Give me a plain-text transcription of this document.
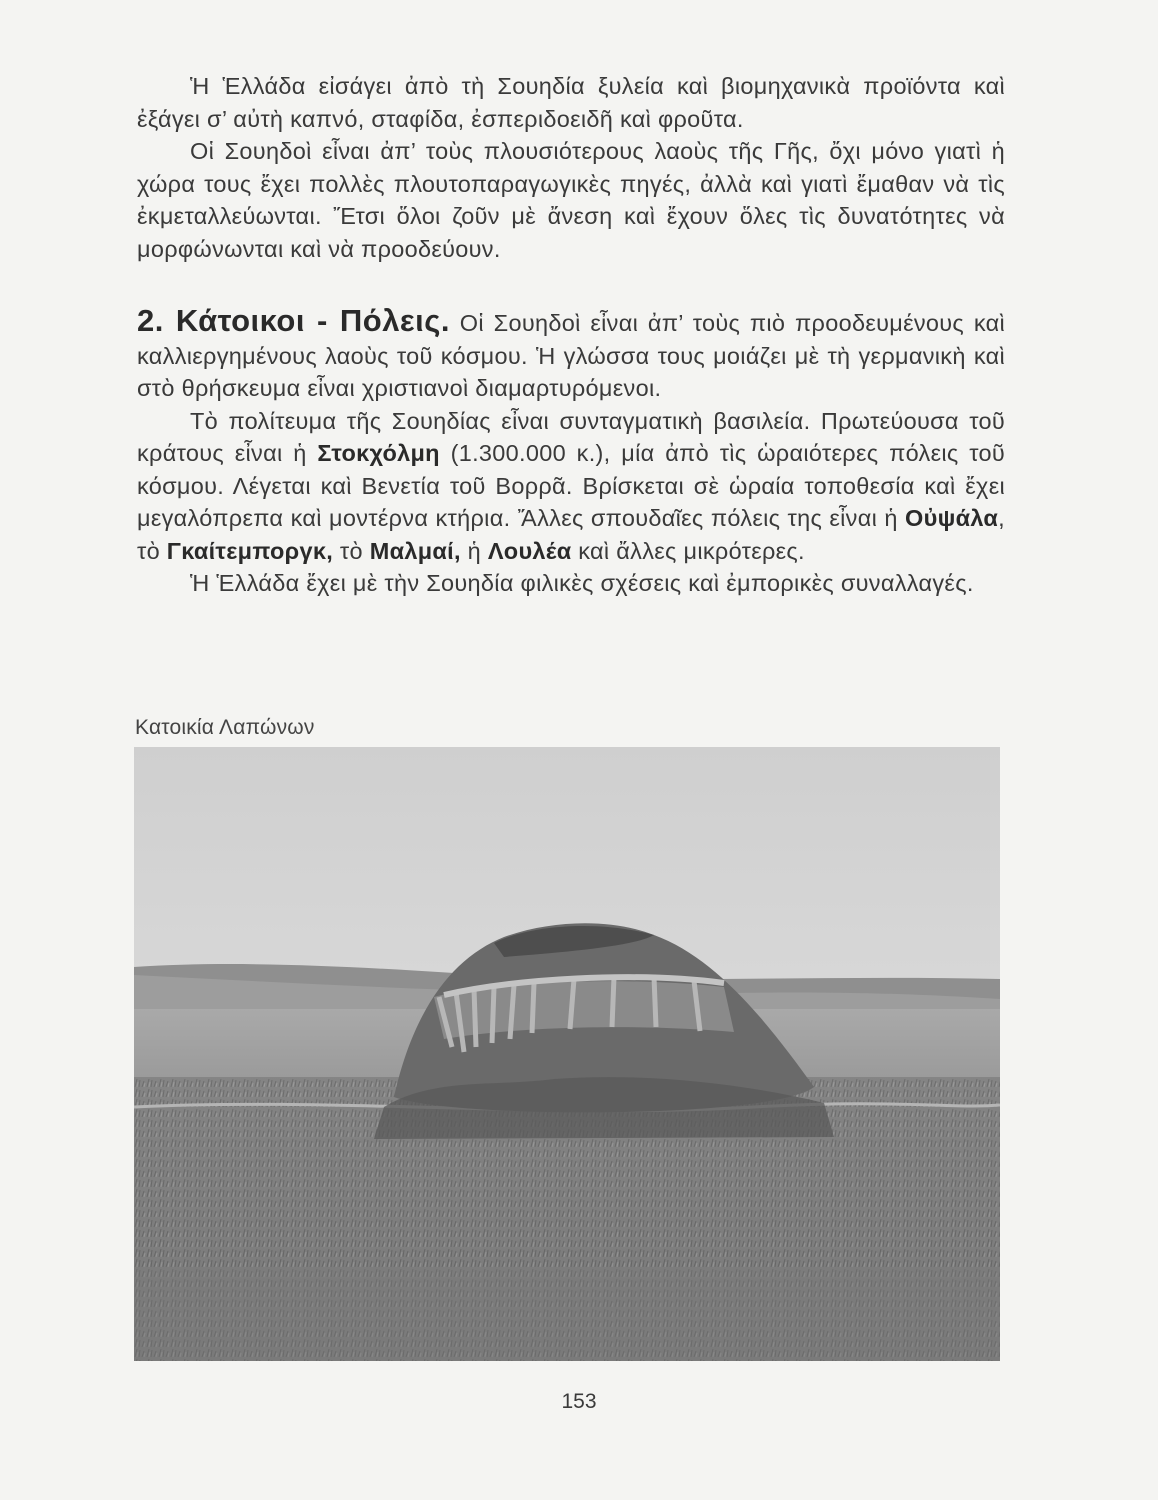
Ἡ Ἑλλάδα εἰσάγει ἀπὸ τὴ Σουηδία ξυλεία καὶ βιομηχανικὰ προϊόντα καὶ ἐξάγει σ’ αὐτὴ καπνό, σταφίδα, ἐσπεριδοειδῆ καὶ φροῦτα.

Οἱ Σουηδοὶ εἶναι ἀπ’ τοὺς πλουσιότερους λαοὺς τῆς Γῆς, ὄχι μόνο γιατὶ ἡ χώρα τους ἔχει πολλὲς πλουτοπαραγωγικὲς πηγές, ἀλλὰ καὶ γιατὶ ἔμαθαν νὰ τὶς ἐκμεταλλεύωνται. Ἔτσι ὅλοι ζοῦν μὲ ἄνεση καὶ ἔχουν ὅλες τὶς δυνατότητες νὰ μορφώνωνται καὶ νὰ προοδεύουν.

2. Κάτοικοι - Πόλεις. Οἱ Σουηδοὶ εἶναι ἀπ’ τοὺς πιὸ προοδευμένους καὶ καλλιεργημένους λαοὺς τοῦ κόσμου. Ἡ γλώσσα τους μοιάζει μὲ τὴ γερμανικὴ καὶ στὸ θρήσκευμα εἶναι χριστιανοὶ διαμαρτυρόμενοι.

Τὸ πολίτευμα τῆς Σουηδίας εἶναι συνταγματικὴ βασιλεία. Πρωτεύουσα τοῦ κράτους εἶναι ἡ Στοκχόλμη (1.300.000 κ.), μία ἀπὸ τὶς ὡραιότερες πόλεις τοῦ κόσμου. Λέγεται καὶ Βενετία τοῦ Βορρᾶ. Βρίσκεται σὲ ὡραία τοποθεσία καὶ ἔχει μεγαλόπρεπα καὶ μοντέρνα κτήρια. Ἄλλες σπουδαῖες πόλεις της εἶναι ἡ Οὐψάλα, τὸ Γκαίτεμποργκ, τὸ Μαλμαί, ἡ Λουλέα καὶ ἄλλες μικρότερες.

Ἡ Ἑλλάδα ἔχει μὲ τὴν Σουηδία φιλικὲς σχέσεις καὶ ἐμπορικὲς συναλλαγές.

Κατοικία Λαπώνων
153
